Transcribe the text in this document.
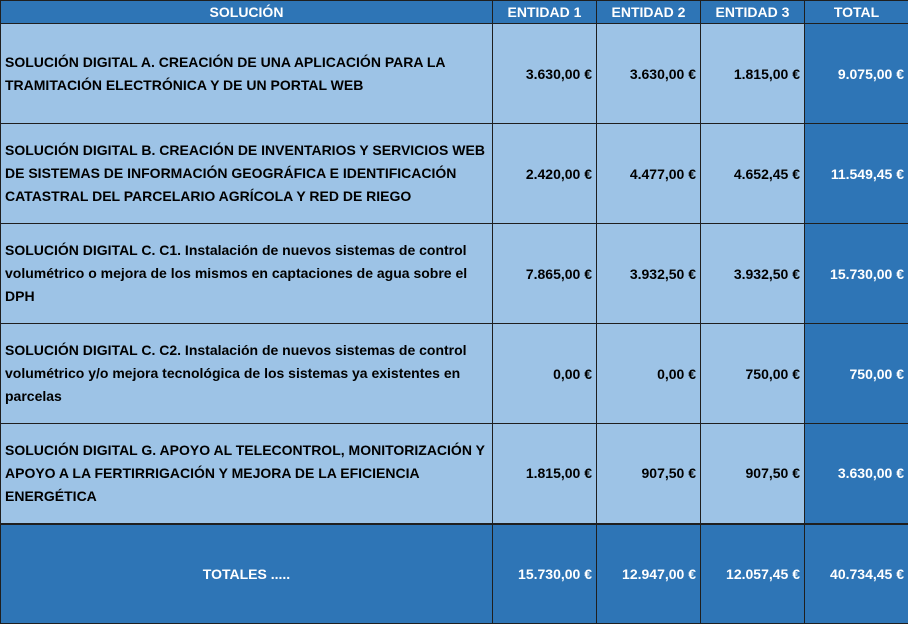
SOLUCIÓN	ENTIDAD 1	ENTIDAD 2	ENTIDAD 3	TOTAL
SOLUCIÓN DIGITAL A. CREACIÓN DE UNA APLICACIÓN PARA LA TRAMITACIÓN ELECTRÓNICA Y DE UN PORTAL WEB	3.630,00 €	3.630,00 €	1.815,00 €	9.075,00 €
SOLUCIÓN DIGITAL B. CREACIÓN DE INVENTARIOS Y SERVICIOS WEB DE SISTEMAS DE INFORMACIÓN GEOGRÁFICA E IDENTIFICACIÓN CATASTRAL DEL PARCELARIO AGRÍCOLA Y RED DE RIEGO	2.420,00 €	4.477,00 €	4.652,45 €	11.549,45 €
SOLUCIÓN DIGITAL C. C1. Instalación de nuevos sistemas de control volumétrico o mejora de los mismos en captaciones de agua sobre el DPH	7.865,00 €	3.932,50 €	3.932,50 €	15.730,00 €
SOLUCIÓN DIGITAL C. C2. Instalación de nuevos sistemas de control volumétrico y/o mejora tecnológica de los sistemas ya existentes en parcelas	0,00 €	0,00 €	750,00 €	750,00 €
SOLUCIÓN DIGITAL G. APOYO AL TELECONTROL, MONITORIZACIÓN Y APOYO A LA FERTIRRIGACIÓN Y MEJORA DE LA EFICIENCIA ENERGÉTICA	1.815,00 €	907,50 €	907,50 €	3.630,00 €
TOTALES .....	15.730,00 €	12.947,00 €	12.057,45 €	40.734,45 €
